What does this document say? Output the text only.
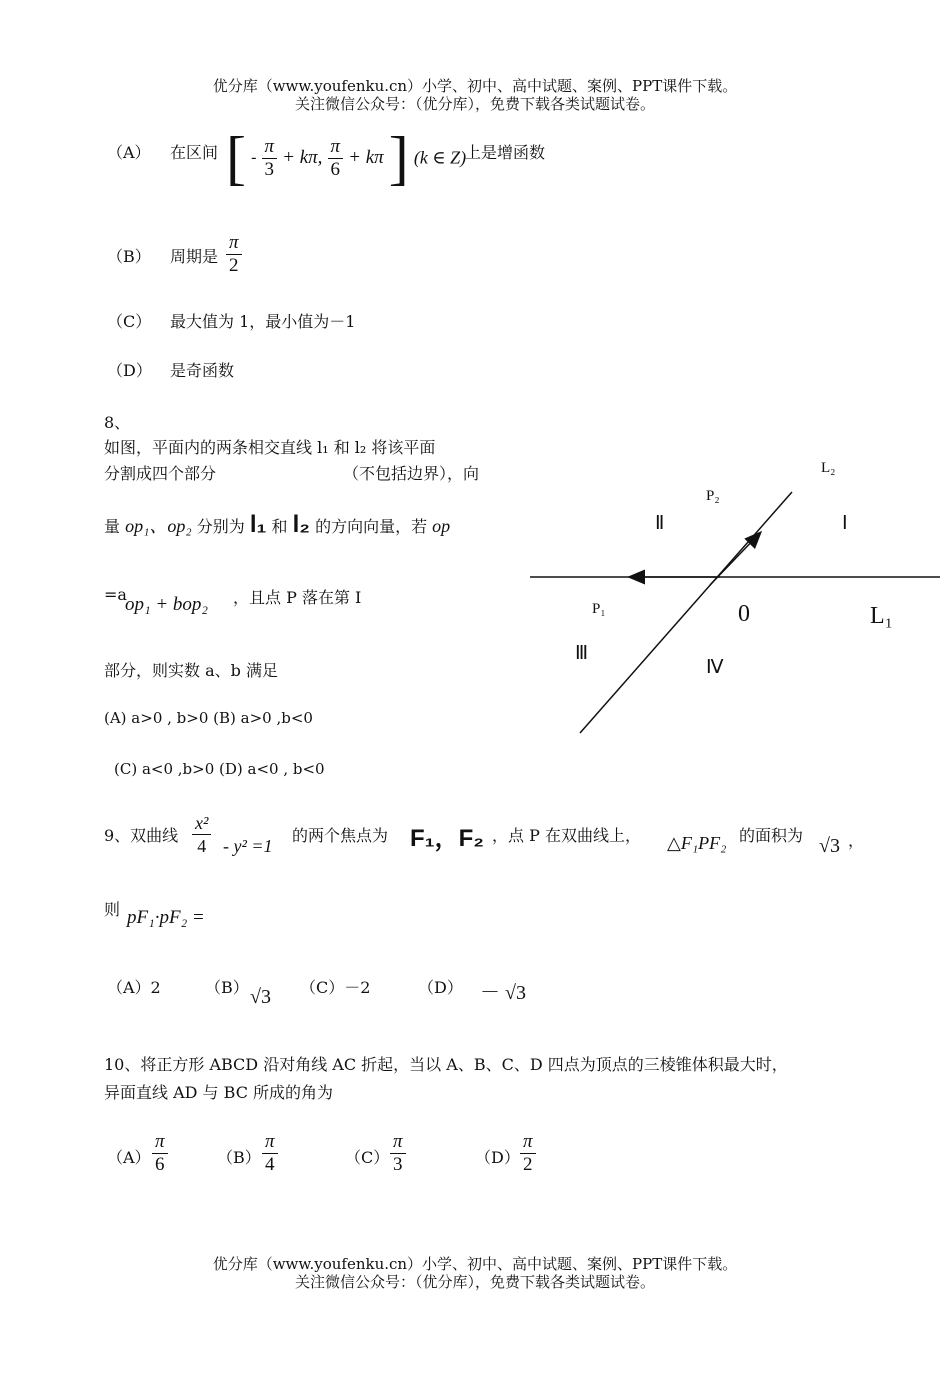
优分库（www.youfenku.cn）小学、初中、高中试题、案例、PPT课件下载。
关注微信公众号：（优分库），免费下载各类试题试卷。
（A） 在区间 [ - $\frac{\pi}{3} + k\pi$, $\frac{\pi}{6} + k\pi$ ] (k ∈ Z)
上是增函数
（B） 周期是 $\frac{\pi}{2}$
（C） 最大值为 1，最小值为－1
（D） 是奇函数
8、
如图，平面内的两条相交直线 l₁ 和 l₂ 将该平面
分割成四个部分	（不包括边界），向
量 op₁、op₂ 分别为 l₁ 和 l₂ 的方向向量，若 op
=a
op₁ + bop₂ ，且点 P 落在第 I
部分，则实数 a、b 满足
(A) a>0 , b>0 (B) a>0 ,b<0
(C) a<0 ,b>0 (D) a<0 , b<0
L₂
P₂
Ⅰ
Ⅱ
P₁	0	L₁
Ⅲ
Ⅳ
9、双曲线 $\frac{\text{x²}}{4} - y^2 =1$
的两个焦点为 F₁，F₂ ，点 P 在双曲线上， △F₁PF₂ 的面积为 √3 ，
则 pF₁·pF₂ =
（A）2	（B） √3 （C）－2	（D） － √3
10、将正方形 ABCD 沿对角线 AC 折起，当以 A、B、C、D 四点为顶点的三棱锥体积最大时，
异面直线 AD 与 BC 所成的角为
$(A) \frac{\pi}{6}$	$(B) \frac{\pi}{4}$	$(C) \frac{\pi}{3}$	$(D) \frac{\pi}{2}$
优分库（www.youfenku.cn）小学、初中、高中试题、案例、PPT课件下载。
关注微信公众号：（优分库），免费下载各类试题试卷。
